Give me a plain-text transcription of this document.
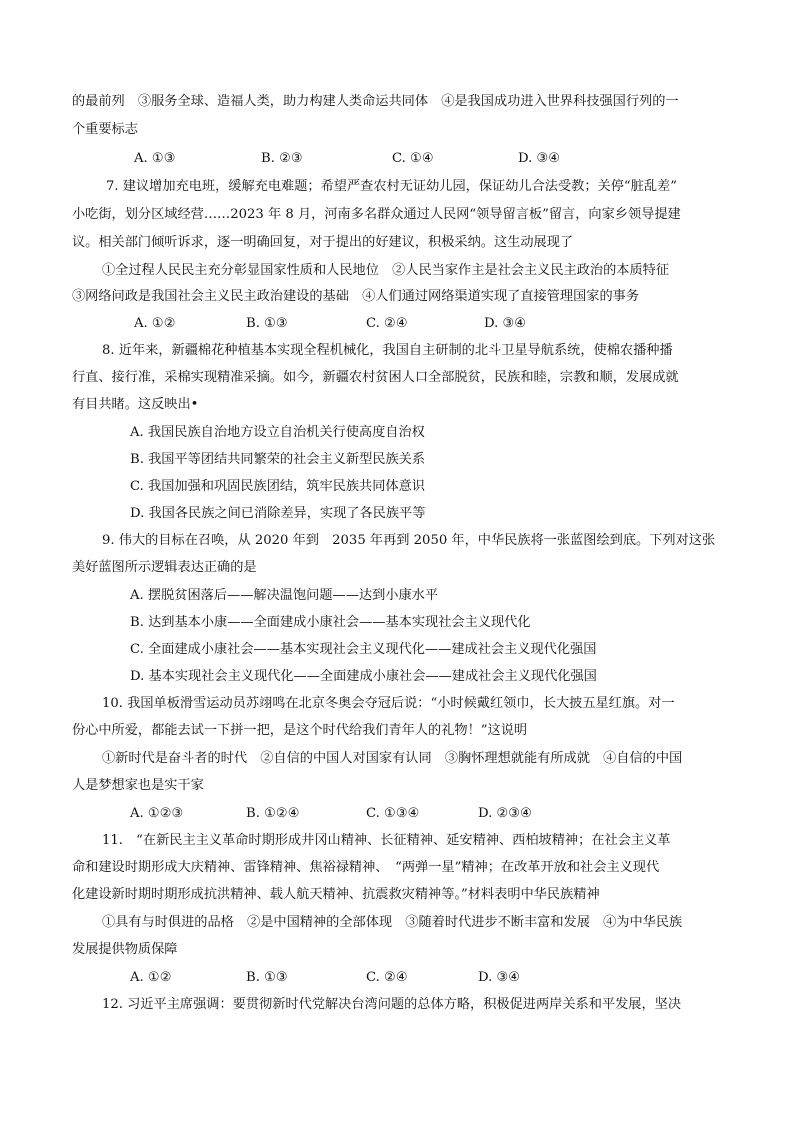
的最前列　③服务全球、造福人类，助力构建人类命运共同体　④是我国成功进入世界科技强国行列的一
个重要标志
A. ①③	B. ②③	C. ①④	D. ③④
7. 建议增加充电班，缓解充电难题；希望严查农村无证幼儿园，保证幼儿合法受教；关停“脏乱差”
小吃街，划分区域经营……2023 年 8 月，河南多名群众通过人民网“领导留言板”留言，向家乡领导提建
议。相关部门倾听诉求，逐一明确回复，对于提出的好建议，积极采纳。这生动展现了
①全过程人民民主充分彰显国家性质和人民地位　②人民当家作主是社会主义民主政治的本质特征
③网络问政是我国社会主义民主政治建设的基础　④人们通过网络渠道实现了直接管理国家的事务
A. ①②	B. ①③	C. ②④	D. ③④
8. 近年来，新疆棉花种植基本实现全程机械化，我国自主研制的北斗卫星导航系统，使棉农播种播
行直、接行准，采棉实现精准采摘。如今，新疆农村贫困人口全部脱贫，民族和睦，宗教和顺，发展成就
有目共睹。这反映出•
A. 我国民族自治地方设立自治机关行使高度自治权
B. 我国平等团结共同繁荣的社会主义新型民族关系
C. 我国加强和巩固民族团结，筑牢民族共同体意识
D. 我国各民族之间已消除差异，实现了各民族平等
9. 伟大的目标在召唤，从 2020 年到　2035 年再到 2050 年，中华民族将一张蓝图绘到底。下列对这张
美好蓝图所示逻辑表达正确的是
A. 摆脱贫困落后——解决温饱问题——达到小康水平
B. 达到基本小康——全面建成小康社会——基本实现社会主义现代化
C. 全面建成小康社会——基本实现社会主义现代化——建成社会主义现代化强国
D. 基本实现社会主义现代化——全面建成小康社会——建成社会主义现代化强国
10. 我国单板滑雪运动员苏翊鸣在北京冬奥会夺冠后说：“小时候戴红领巾，长大披五星红旗。对一
份心中所爱，都能去试一下拼一把，是这个时代给我们青年人的礼物！”这说明
①新时代是奋斗者的时代　②自信的中国人对国家有认同　③胸怀理想就能有所成就　④自信的中国
人是梦想家也是实干家
A. ①②③	B. ①②④	C. ①③④	D. ②③④
11.　“在新民主主义革命时期形成井冈山精神、长征精神、延安精神、西柏坡精神；在社会主义革
命和建设时期形成大庆精神、雷锋精神、焦裕禄精神、　“两弹一星”精神；在改革开放和社会主义现代
化建设新时期时期形成抗洪精神、载人航天精神、抗震救灾精神等。”材料表明中华民族精神
①具有与时俱进的品格　②是中国精神的全部体现　③随着时代进步不断丰富和发展　④为中华民族
发展提供物质保障
A. ①②	B. ①③	C. ②④	D. ③④
12. 习近平主席强调：要贯彻新时代党解决台湾问题的总体方略，积极促进两岸关系和平发展，坚决
